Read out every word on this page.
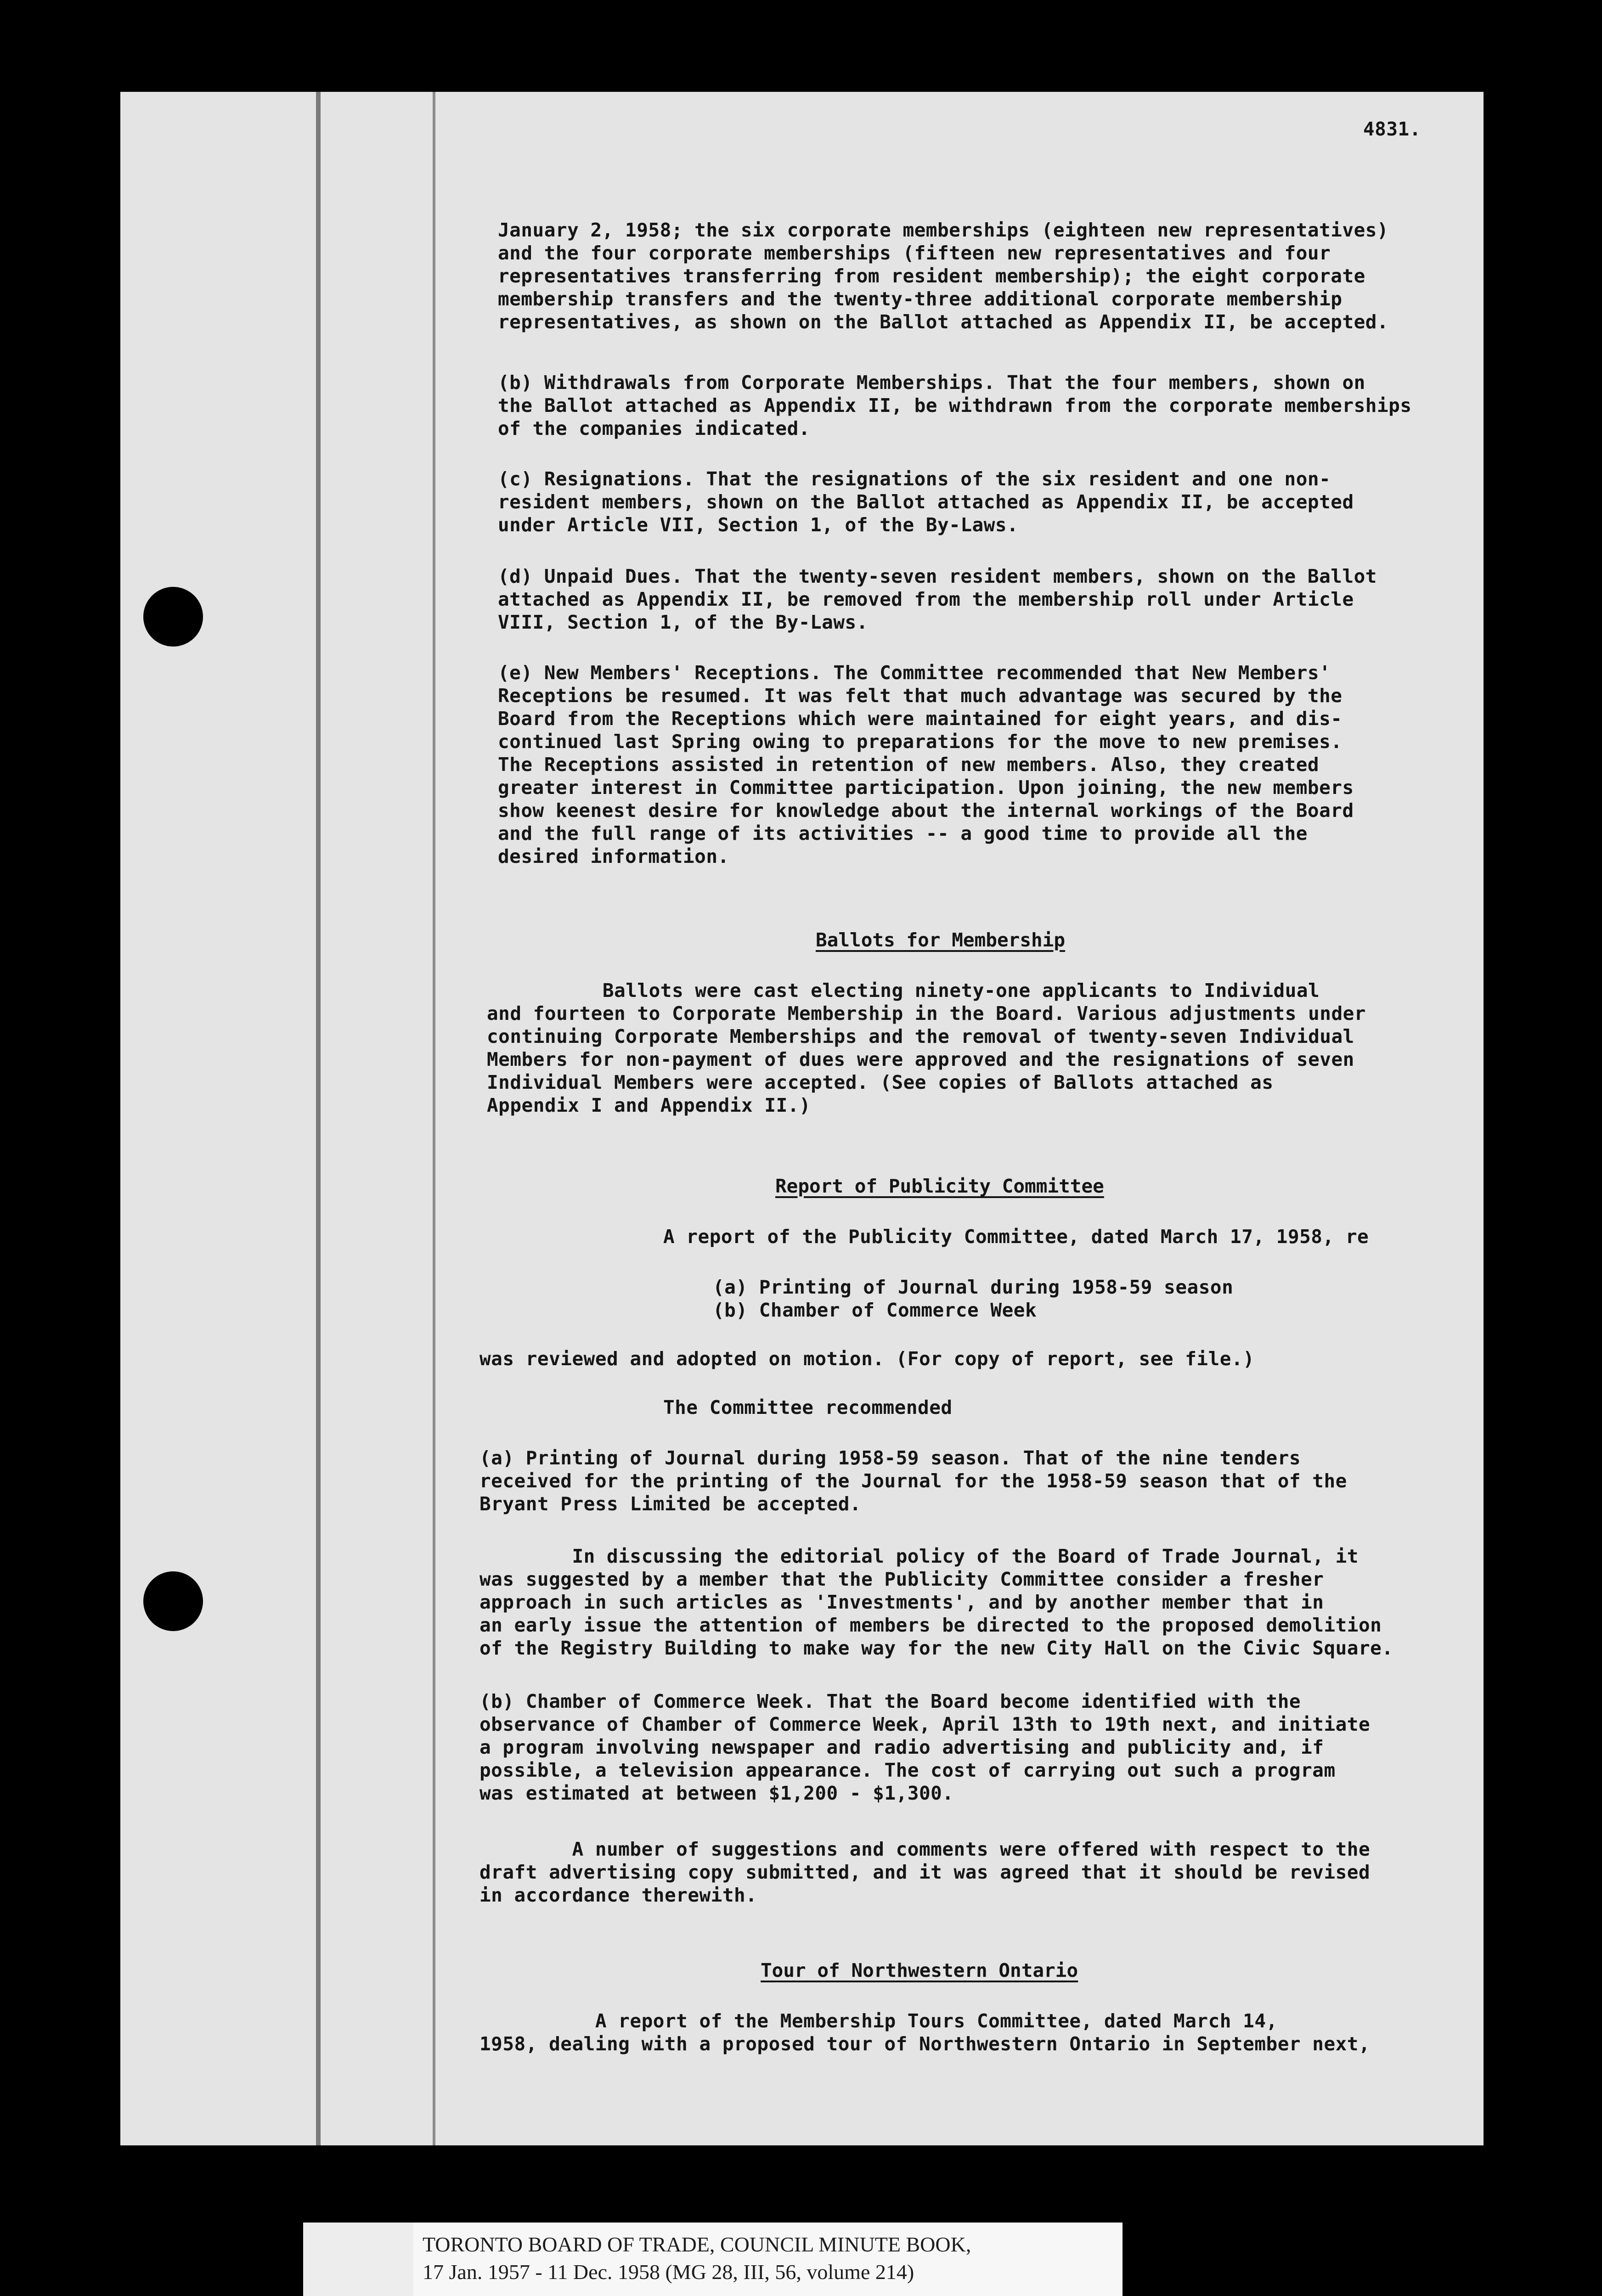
4831.
January 2, 1958; the six corporate memberships (eighteen new representatives)
and the four corporate memberships (fifteen new representatives and four
representatives transferring from resident membership); the eight corporate
membership transfers and the twenty-three additional corporate membership
representatives, as shown on the Ballot attached as Appendix II, be accepted.
(b) Withdrawals from Corporate Memberships. That the four members, shown on
the Ballot attached as Appendix II, be withdrawn from the corporate memberships
of the companies indicated.
(c) Resignations. That the resignations of the six resident and one non-
resident members, shown on the Ballot attached as Appendix II, be accepted
under Article VII, Section 1, of the By-Laws.
(d) Unpaid Dues. That the twenty-seven resident members, shown on the Ballot
attached as Appendix II, be removed from the membership roll under Article
VIII, Section 1, of the By-Laws.
(e) New Members' Receptions. The Committee recommended that New Members'
Receptions be resumed. It was felt that much advantage was secured by the
Board from the Receptions which were maintained for eight years, and dis-
continued last Spring owing to preparations for the move to new premises.
The Receptions assisted in retention of new members. Also, they created
greater interest in Committee participation. Upon joining, the new members
show keenest desire for knowledge about the internal workings of the Board
and the full range of its activities -- a good time to provide all the
desired information.
Ballots for Membership
Ballots were cast electing ninety-one applicants to Individual
and fourteen to Corporate Membership in the Board. Various adjustments under
continuing Corporate Memberships and the removal of twenty-seven Individual
Members for non-payment of dues were approved and the resignations of seven
Individual Members were accepted. (See copies of Ballots attached as
Appendix I and Appendix II.)
Report of Publicity Committee
A report of the Publicity Committee, dated March 17, 1958, re
(a) Printing of Journal during 1958-59 season
(b) Chamber of Commerce Week
was reviewed and adopted on motion. (For copy of report, see file.)
The Committee recommended
(a) Printing of Journal during 1958-59 season. That of the nine tenders
received for the printing of the Journal for the 1958-59 season that of the
Bryant Press Limited be accepted.
In discussing the editorial policy of the Board of Trade Journal, it
was suggested by a member that the Publicity Committee consider a fresher
approach in such articles as 'Investments', and by another member that in
an early issue the attention of members be directed to the proposed demolition
of the Registry Building to make way for the new City Hall on the Civic Square.
(b) Chamber of Commerce Week. That the Board become identified with the
observance of Chamber of Commerce Week, April 13th to 19th next, and initiate
a program involving newspaper and radio advertising and publicity and, if
possible, a television appearance. The cost of carrying out such a program
was estimated at between $1,200 - $1,300.
A number of suggestions and comments were offered with respect to the
draft advertising copy submitted, and it was agreed that it should be revised
in accordance therewith.
Tour of Northwestern Ontario
A report of the Membership Tours Committee, dated March 14,
1958, dealing with a proposed tour of Northwestern Ontario in September next,
TORONTO BOARD OF TRADE, COUNCIL MINUTE BOOK,
17 Jan. 1957 - 11 Dec. 1958 (MG 28, III, 56, volume 214)
